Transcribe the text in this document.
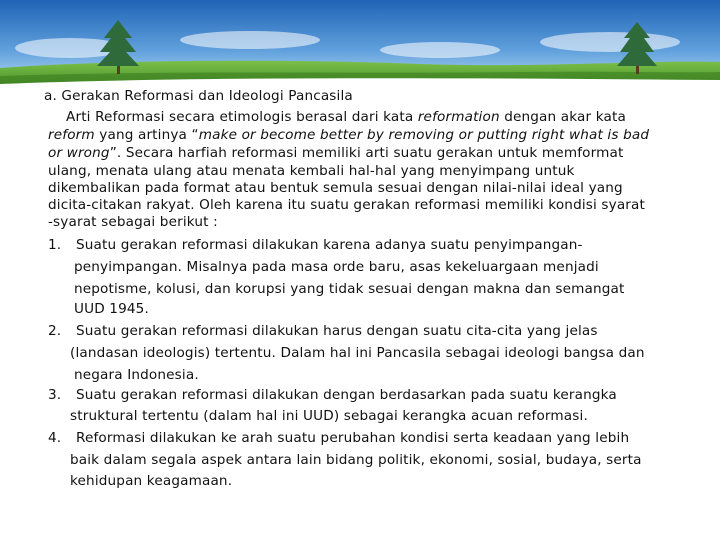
a. Gerakan Reformasi dan Ideologi Pancasila
Arti Reformasi secara etimologis berasal dari kata reformation dengan akar kata
reform yang artinya “make or become better by removing or putting right what is bad
or wrong”. Secara harfiah reformasi memiliki arti suatu gerakan untuk memformat
ulang, menata ulang atau menata kembali hal-hal yang menyimpang untuk
dikembalikan pada format atau bentuk semula sesuai dengan nilai-nilai ideal yang
dicita-citakan rakyat. Oleh karena itu suatu gerakan reformasi memiliki kondisi syarat
-syarat sebagai berikut :
1. Suatu gerakan reformasi dilakukan karena adanya suatu penyimpangan-
penyimpangan. Misalnya pada masa orde baru, asas kekeluargaan menjadi
nepotisme, kolusi, dan korupsi yang tidak sesuai dengan makna dan semangat
UUD 1945.
2. Suatu gerakan reformasi dilakukan harus dengan suatu cita-cita yang jelas
(landasan ideologis) tertentu. Dalam hal ini Pancasila sebagai ideologi bangsa dan
negara Indonesia.
3. Suatu gerakan reformasi dilakukan dengan berdasarkan pada suatu kerangka
struktural tertentu (dalam hal ini UUD) sebagai kerangka acuan reformasi.
4. Reformasi dilakukan ke arah suatu perubahan kondisi serta keadaan yang lebih
baik dalam segala aspek antara lain bidang politik, ekonomi, sosial, budaya, serta
kehidupan keagamaan.
